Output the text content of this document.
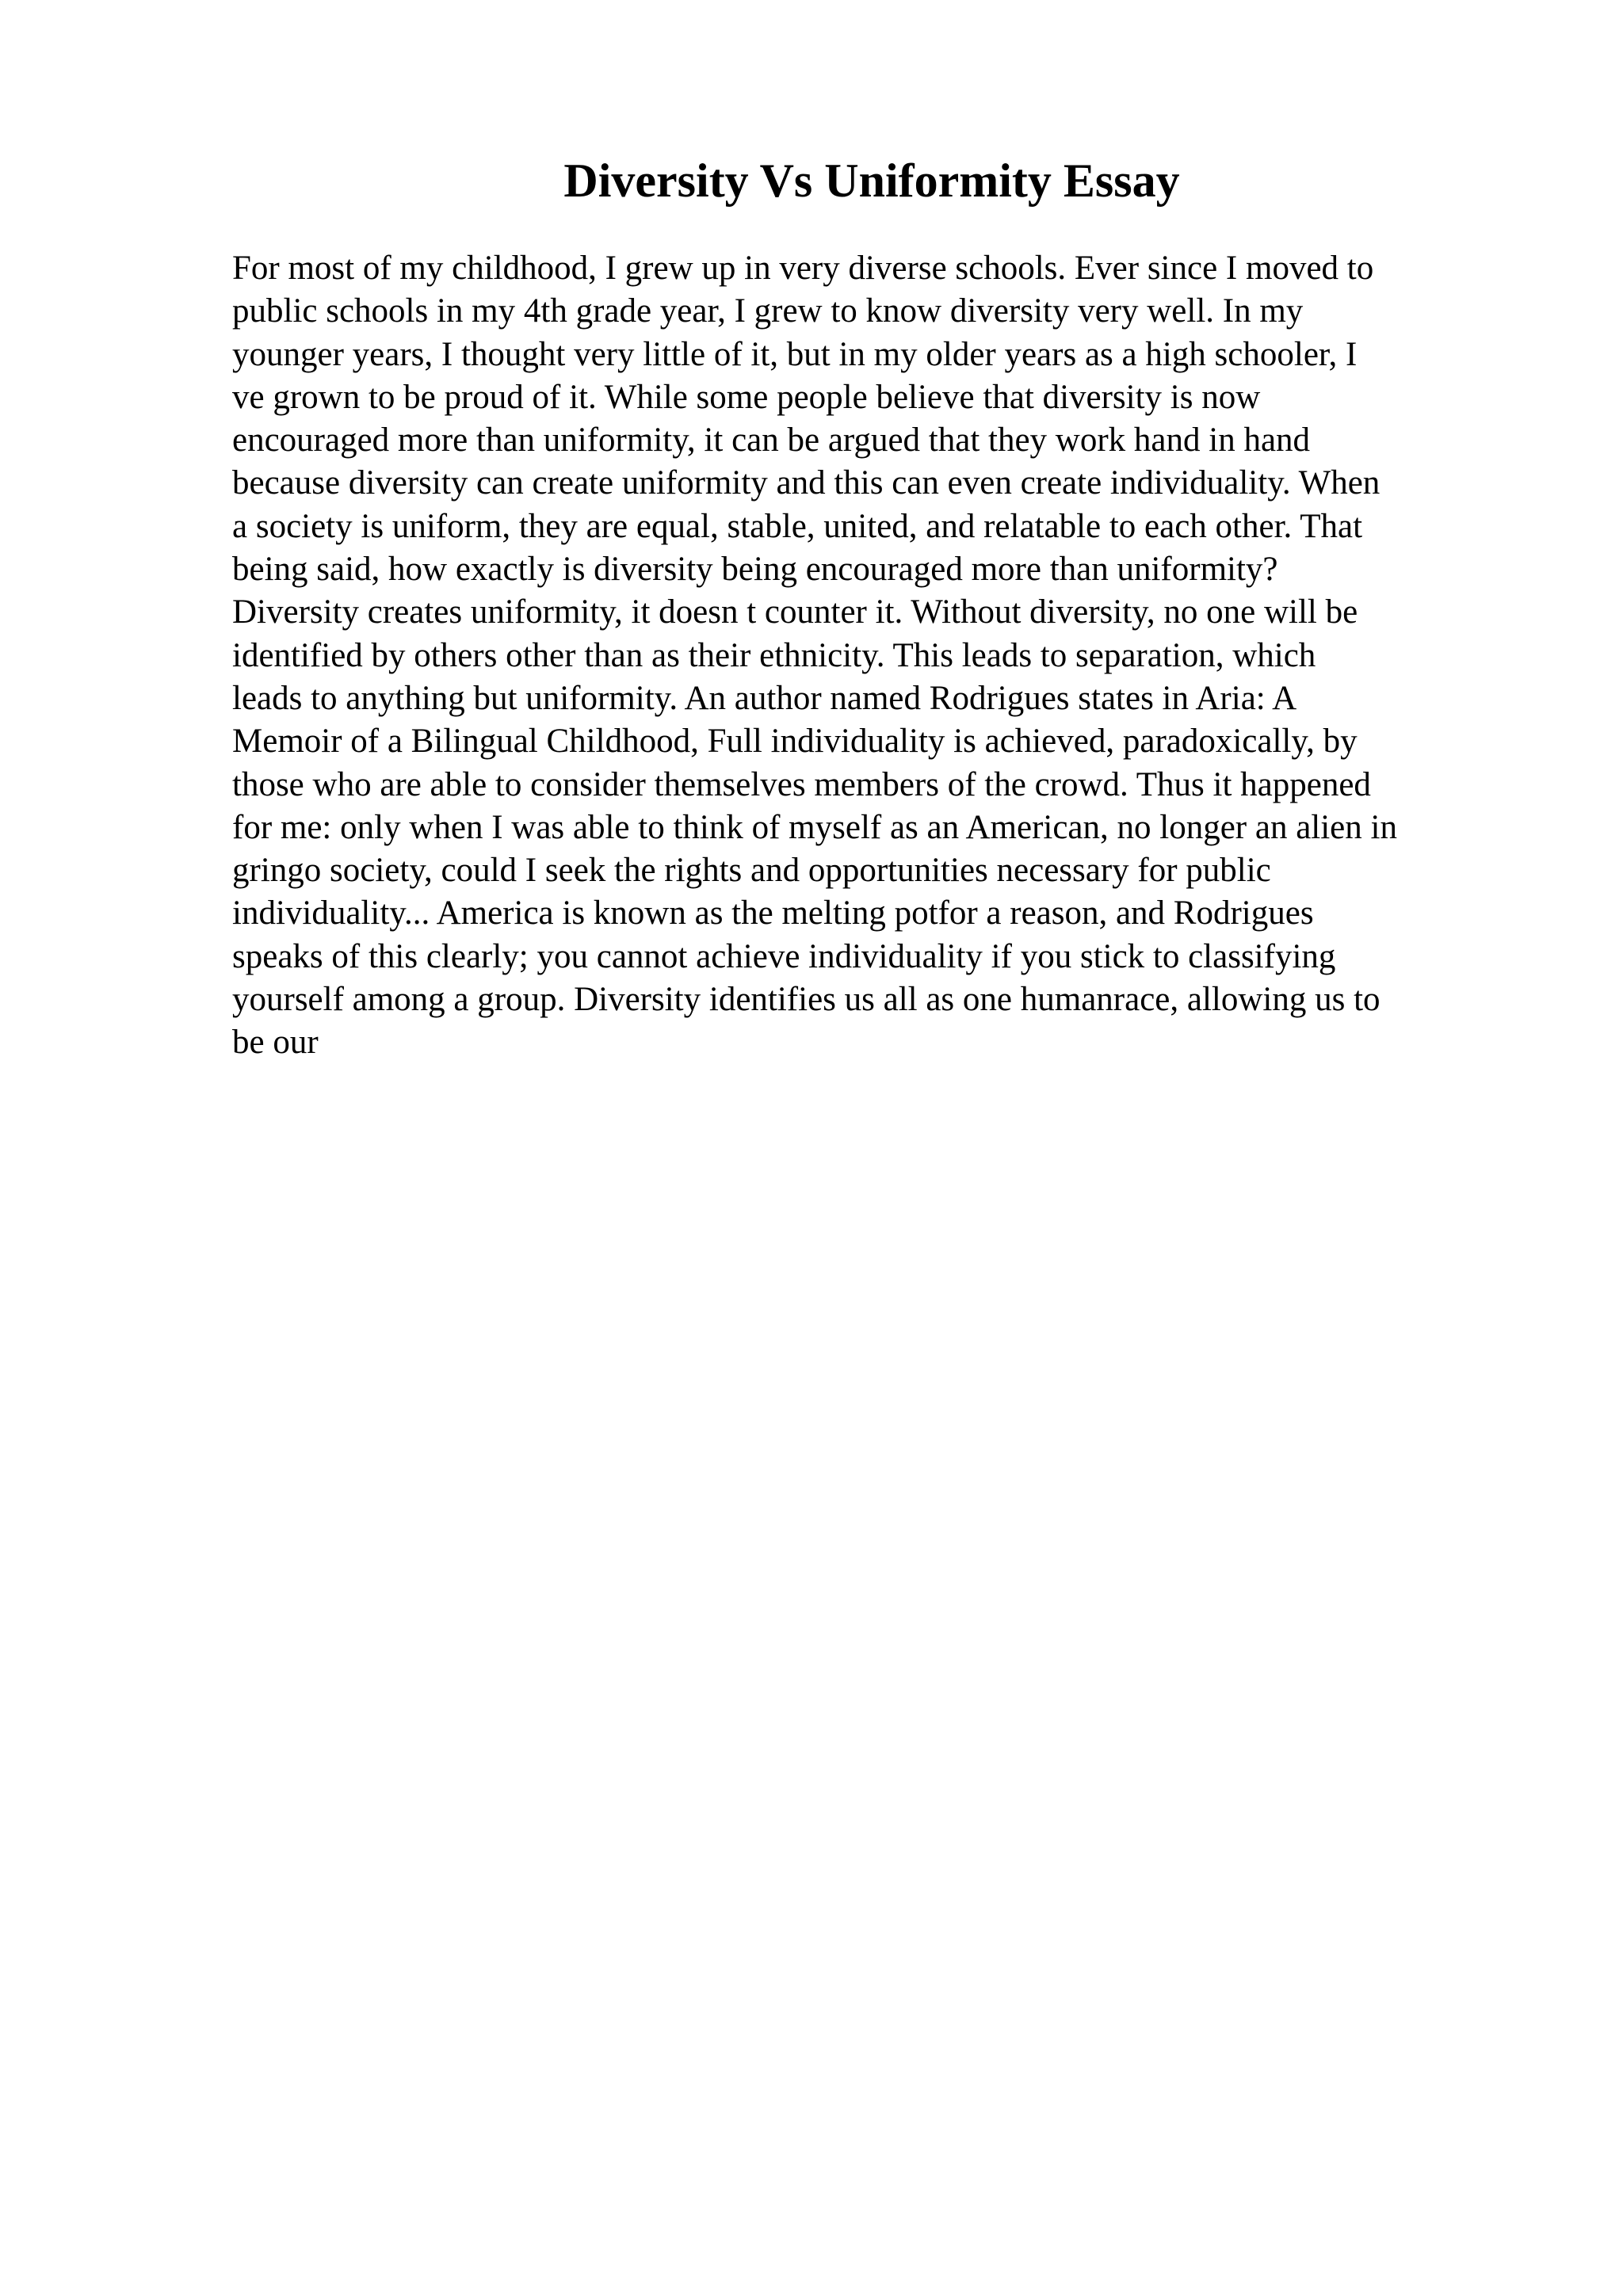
Diversity Vs Uniformity Essay
For most of my childhood, I grew up in very diverse schools. Ever since I moved to
public schools in my 4th grade year, I grew to know diversity very well. In my
younger years, I thought very little of it, but in my older years as a high schooler, I
ve grown to be proud of it. While some people believe that diversity is now
encouraged more than uniformity, it can be argued that they work hand in hand
because diversity can create uniformity and this can even create individuality. When
a society is uniform, they are equal, stable, united, and relatable to each other. That
being said, how exactly is diversity being encouraged more than uniformity?
Diversity creates uniformity, it doesn t counter it. Without diversity, no one will be
identified by others other than as their ethnicity. This leads to separation, which
leads to anything but uniformity. An author named Rodrigues states in Aria: A
Memoir of a Bilingual Childhood, Full individuality is achieved, paradoxically, by
those who are able to consider themselves members of the crowd. Thus it happened
for me: only when I was able to think of myself as an American, no longer an alien in
gringo society, could I seek the rights and opportunities necessary for public
individuality... America is known as the melting potfor a reason, and Rodrigues
speaks of this clearly; you cannot achieve individuality if you stick to classifying
yourself among a group. Diversity identifies us all as one humanrace, allowing us to
be our
